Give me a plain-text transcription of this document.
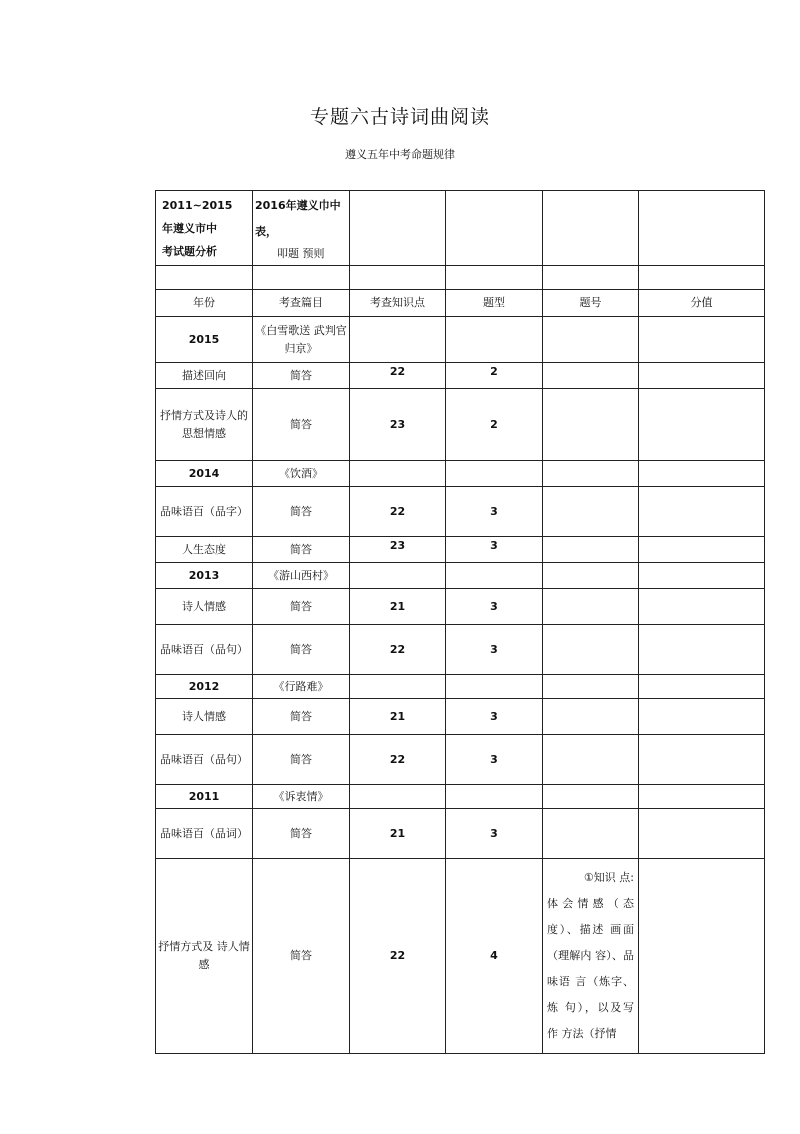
专题六古诗词曲阅读
遵义五年中考命题规律
2011~2015
年遵义市中
考试题分析	2016年遵义巾中表，
叩题 预则				

年份	考查篇目	考查知识点	题型	题号	分值
2015	《白雪歌送 武判官归京》				
描述回向	简答	22	2		
抒情方式及诗人的思想情感	简答	23	2		
2014	《饮酒》				
品味语百（品字）	简答	22	3		
人生态度	简答	23	3		
2013	《游山西村》				
诗人情感	简答	21	3		
品味语百（品句）	简答	22	3		
2012	《行路难》				
诗人情感	简答	21	3		
品味语百（品句）	简答	22	3		
2011	《诉衷情》				
品味语百（品词）	简答	21	3		
抒情方式及 诗人情感	简答	22	4	①知识 点:
体 会 情 感 （ 态 度）、描述 画面（理解内 容）、品 味语 言（炼字、炼 句），以及写 作 方法（抒情	
